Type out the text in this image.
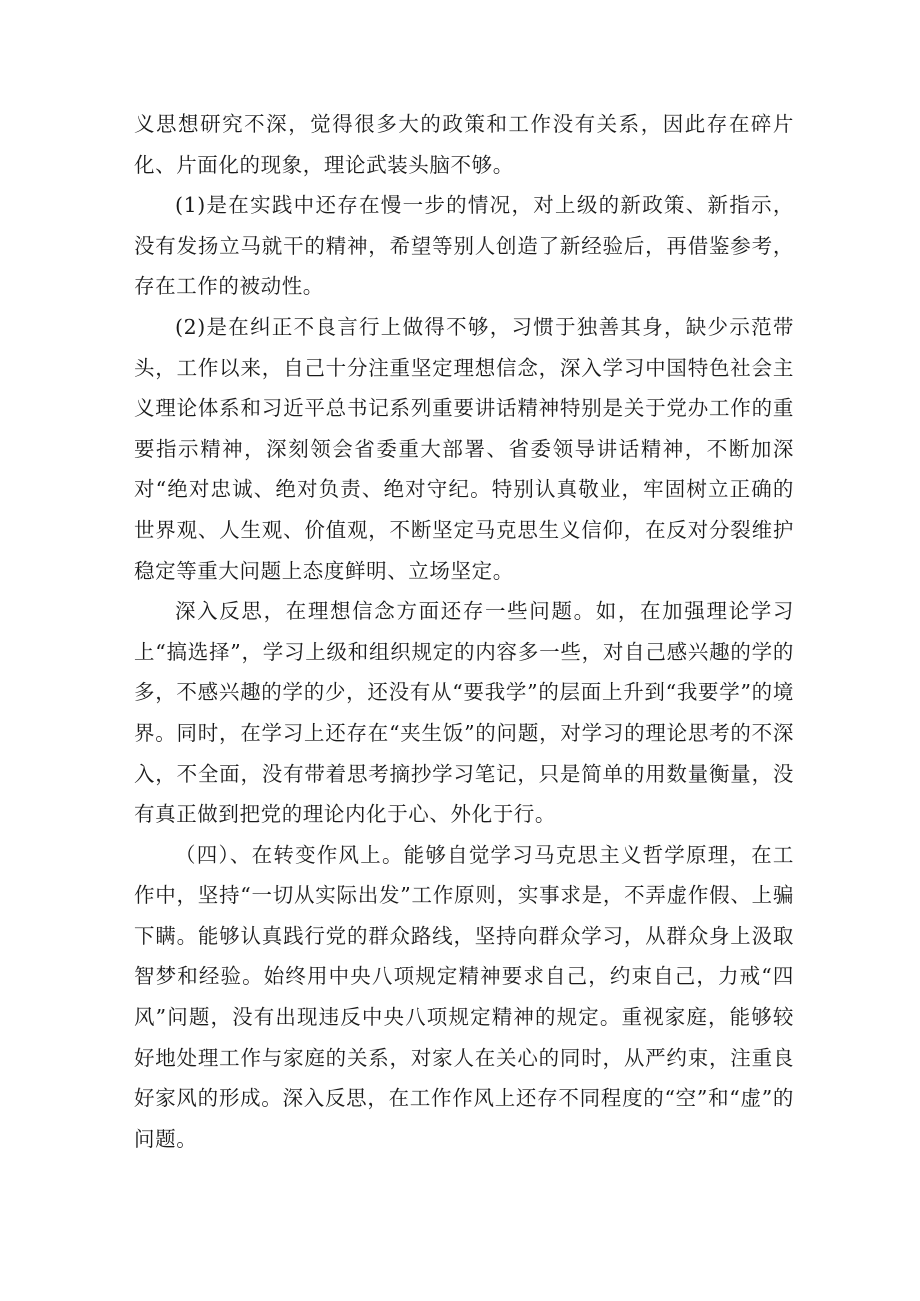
义思想研究不深，觉得很多大的政策和工作没有关系，因此存在碎片化、片面化的现象，理论武装头脑不够。

(1)是在实践中还存在慢一步的情况，对上级的新政策、新指示，没有发扬立马就干的精神，希望等别人创造了新经验后，再借鉴参考，存在工作的被动性。

(2)是在纠正不良言行上做得不够，习惯于独善其身，缺少示范带头，工作以来，自己十分注重坚定理想信念，深入学习中国特色社会主义理论体系和习近平总书记系列重要讲话精神特别是关于党办工作的重要指示精神，深刻领会省委重大部署、省委领导讲话精神，不断加深对“绝对忠诚、绝对负责、绝对守纪。特别认真敬业，牢固树立正确的世界观、人生观、价值观，不断坚定马克思生义信仰，在反对分裂维护稳定等重大问题上态度鲜明、立场坚定。

深入反思，在理想信念方面还存一些问题。如，在加强理论学习上“搞选择”，学习上级和组织规定的内容多一些，对自己感兴趣的学的多，不感兴趣的学的少，还没有从“要我学”的层面上升到“我要学”的境界。同时，在学习上还存在“夹生饭”的问题，对学习的理论思考的不深入，不全面，没有带着思考摘抄学习笔记，只是简单的用数量衡量，没有真正做到把党的理论内化于心、外化于行。

（四）、在转变作风上。能够自觉学习马克思主义哲学原理，在工作中，坚持“一切从实际出发”工作原则，实事求是，不弄虚作假、上骗下瞒。能够认真践行党的群众路线，坚持向群众学习，从群众身上汲取智梦和经验。始终用中央八项规定精神要求自己，约束自己，力戒“四风”问题，没有出现违反中央八项规定精神的规定。重视家庭，能够较好地处理工作与家庭的关系，对家人在关心的同时，从严约束，注重良好家风的形成。深入反思，在工作作风上还存不同程度的“空”和“虚”的问题。
